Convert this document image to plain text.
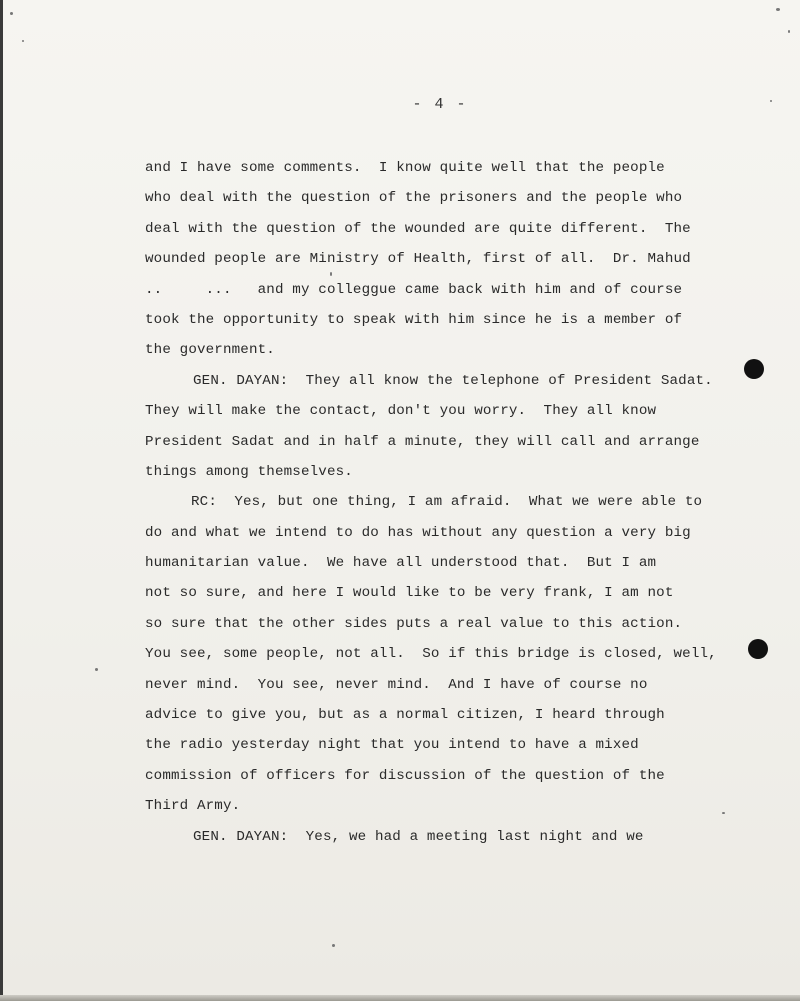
- 4 -
and I have some comments.  I know quite well that the people
who deal with the question of the prisoners and the people who
deal with the question of the wounded are quite different.  The
wounded people are Ministry of Health, first of all.  Dr. Mahud
..     ...   and my colleggue came back with him and of course
took the opportunity to speak with him since he is a member of
the government.
GEN. DAYAN:  They all know the telephone of President Sadat.
They will make the contact, don't you worry.  They all know
President Sadat and in half a minute, they will call and arrange
things among themselves.
RC:  Yes, but one thing, I am afraid.  What we were able to
do and what we intend to do has without any question a very big
humanitarian value.  We have all understood that.  But I am
not so sure, and here I would like to be very frank, I am not
so sure that the other sides puts a real value to this action.
You see, some people, not all.  So if this bridge is closed, well,
never mind.  You see, never mind.  And I have of course no
advice to give you, but as a normal citizen, I heard through
the radio yesterday night that you intend to have a mixed
commission of officers for discussion of the question of the
Third Army.
GEN. DAYAN:  Yes, we had a meeting last night and we
